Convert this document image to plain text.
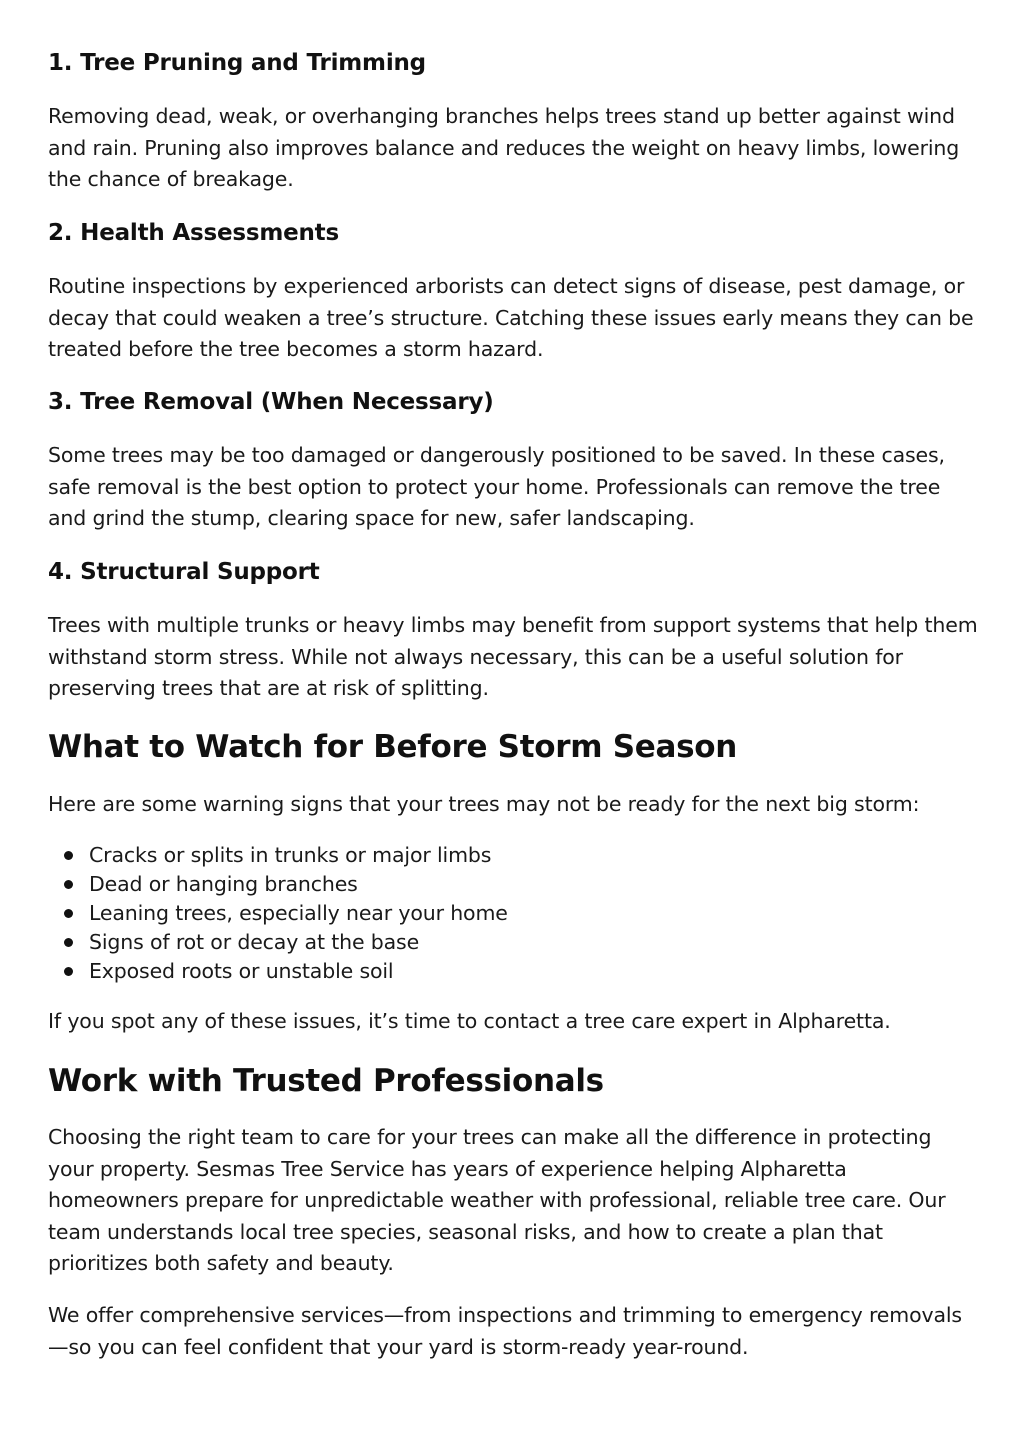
1. Tree Pruning and Trimming

Removing dead, weak, or overhanging branches helps trees stand up better against wind and rain. Pruning also improves balance and reduces the weight on heavy limbs, lowering the chance of breakage.

2. Health Assessments

Routine inspections by experienced arborists can detect signs of disease, pest damage, or decay that could weaken a tree’s structure. Catching these issues early means they can be treated before the tree becomes a storm hazard.

3. Tree Removal (When Necessary)

Some trees may be too damaged or dangerously positioned to be saved. In these cases, safe removal is the best option to protect your home. Professionals can remove the tree and grind the stump, clearing space for new, safer landscaping.

4. Structural Support

Trees with multiple trunks or heavy limbs may benefit from support systems that help them withstand storm stress. While not always necessary, this can be a useful solution for preserving trees that are at risk of splitting.

What to Watch for Before Storm Season

Here are some warning signs that your trees may not be ready for the next big storm:

Cracks or splits in trunks or major limbs
Dead or hanging branches
Leaning trees, especially near your home
Signs of rot or decay at the base
Exposed roots or unstable soil

If you spot any of these issues, it’s time to contact a tree care expert in Alpharetta.

Work with Trusted Professionals

Choosing the right team to care for your trees can make all the difference in protecting your property. Sesmas Tree Service has years of experience helping Alpharetta homeowners prepare for unpredictable weather with professional, reliable tree care. Our team understands local tree species, seasonal risks, and how to create a plan that prioritizes both safety and beauty.

We offer comprehensive services—from inspections and trimming to emergency removals—so you can feel confident that your yard is storm-ready year-round.
